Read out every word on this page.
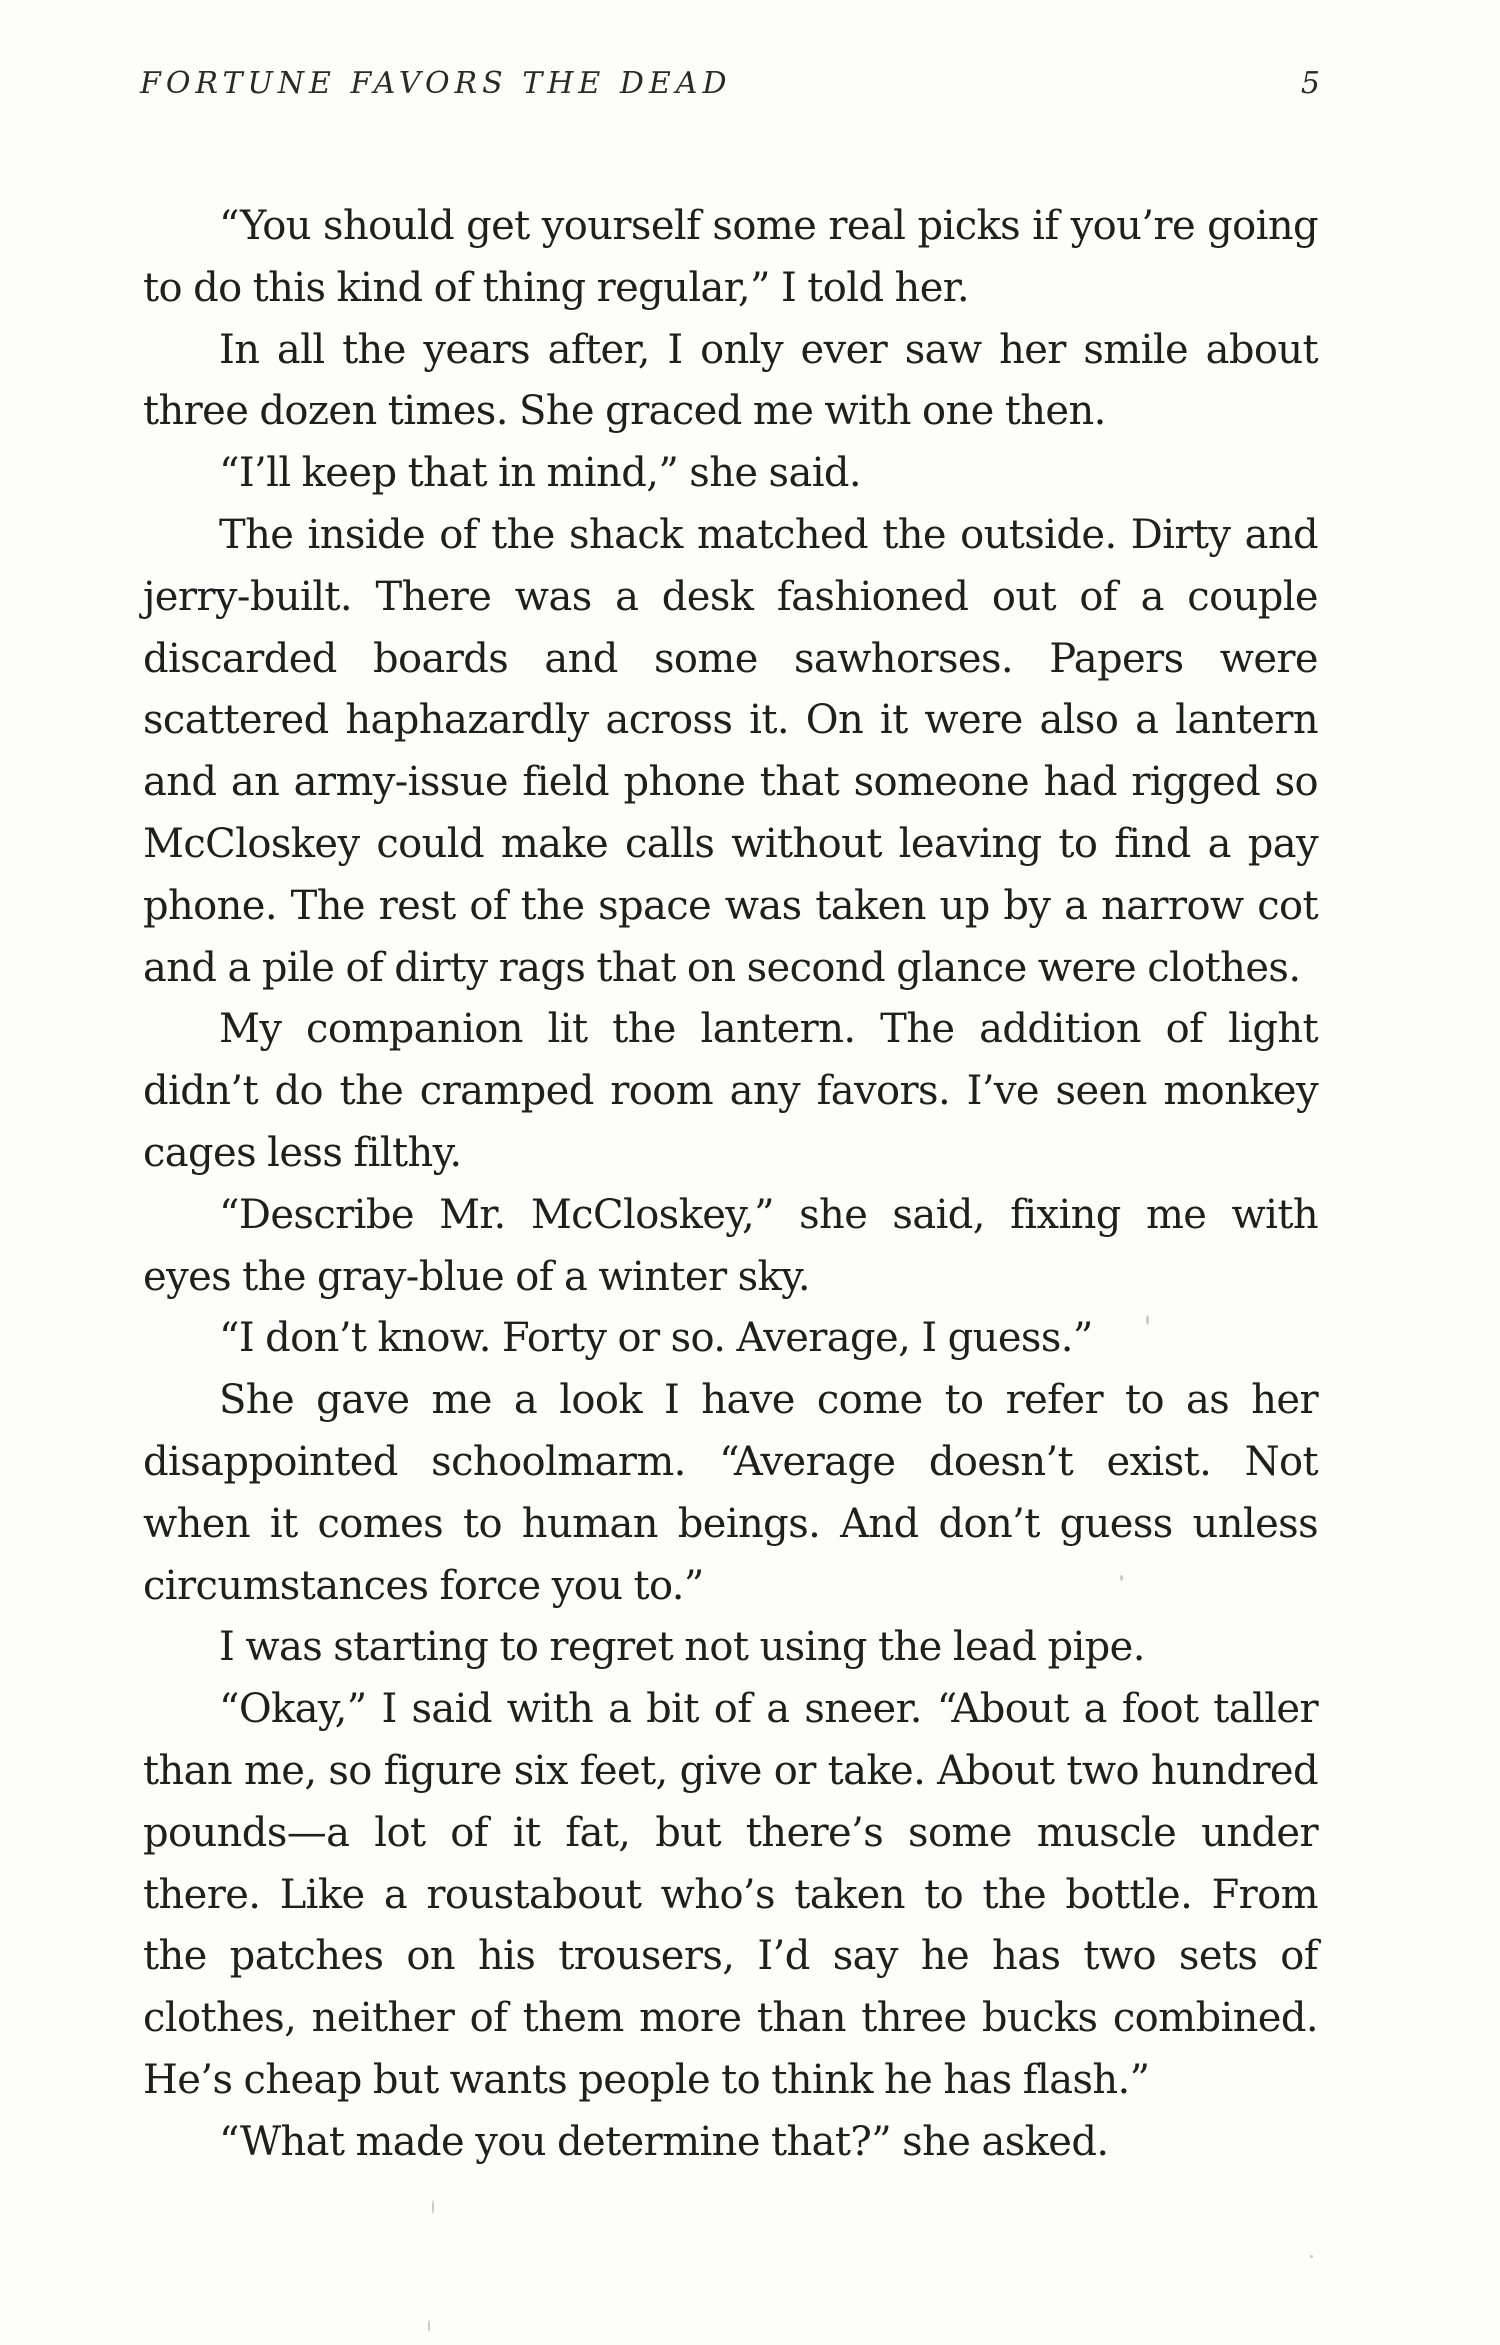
FORTUNE FAVORS THE DEAD	5

“You should get yourself some real picks if you’re going to do this kind of thing regular,” I told her.

In all the years after, I only ever saw her smile about three dozen times. She graced me with one then.

“I’ll keep that in mind,” she said.

The inside of the shack matched the outside. Dirty and jerry-built. There was a desk fashioned out of a couple discarded boards and some sawhorses. Papers were scattered haphazardly across it. On it were also a lantern and an army-issue field phone that someone had rigged so McCloskey could make calls without leaving to find a pay phone. The rest of the space was taken up by a narrow cot and a pile of dirty rags that on second glance were clothes.

My companion lit the lantern. The addition of light didn’t do the cramped room any favors. I’ve seen monkey cages less filthy.

“Describe Mr. McCloskey,” she said, fixing me with eyes the gray-blue of a winter sky.

“I don’t know. Forty or so. Average, I guess.”

She gave me a look I have come to refer to as her disappointed schoolmarm. “Average doesn’t exist. Not when it comes to human beings. And don’t guess unless circumstances force you to.”

I was starting to regret not using the lead pipe.

“Okay,” I said with a bit of a sneer. “About a foot taller than me, so figure six feet, give or take. About two hundred pounds—a lot of it fat, but there’s some muscle under there. Like a roustabout who’s taken to the bottle. From the patches on his trousers, I’d say he has two sets of clothes, neither of them more than three bucks combined. He’s cheap but wants people to think he has flash.”

“What made you determine that?” she asked.
